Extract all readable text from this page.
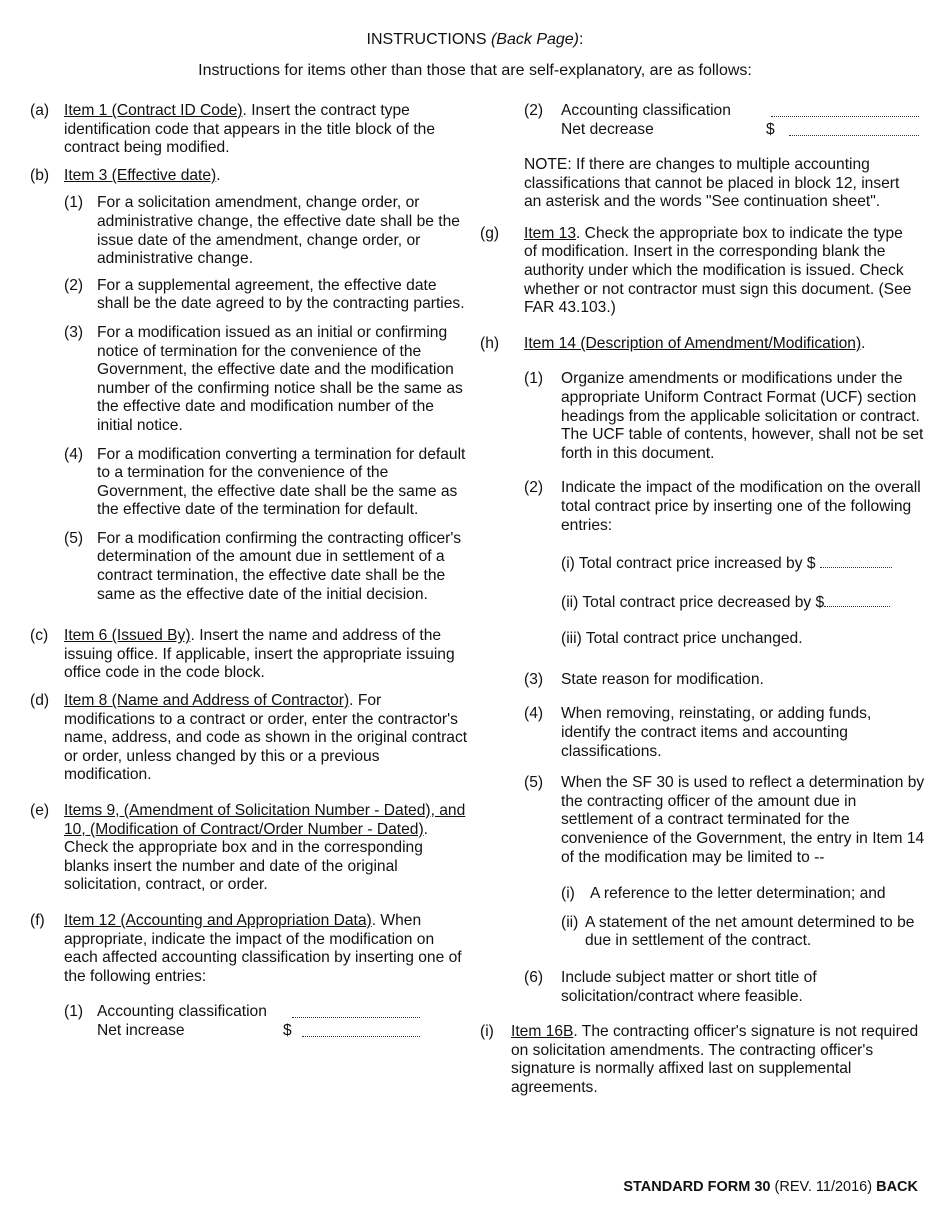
INSTRUCTIONS (Back Page):
Instructions for items other than those that are self-explanatory, are as follows:
(a) Item 1 (Contract ID Code). Insert the contract type identification code that appears in the title block of the contract being modified.
(b) Item 3 (Effective date).
(1) For a solicitation amendment, change order, or administrative change, the effective date shall be the issue date of the amendment, change order, or administrative change.
(2) For a supplemental agreement, the effective date shall be the date agreed to by the contracting parties.
(3) For a modification issued as an initial or confirming notice of termination for the convenience of the Government, the effective date and the modification number of the confirming notice shall be the same as the effective date and modification number of the initial notice.
(4) For a modification converting a termination for default to a termination for the convenience of the Government, the effective date shall be the same as the effective date of the termination for default.
(5) For a modification confirming the contracting officer's determination of the amount due in settlement of a contract termination, the effective date shall be the same as the effective date of the initial decision.
(c) Item 6 (Issued By). Insert the name and address of the issuing office. If applicable, insert the appropriate issuing office code in the code block.
(d) Item 8 (Name and Address of Contractor). For modifications to a contract or order, enter the contractor's name, address, and code as shown in the original contract or order, unless changed by this or a previous modification.
(e) Items 9, (Amendment of Solicitation Number - Dated), and 10, (Modification of Contract/Order Number - Dated). Check the appropriate box and in the corresponding blanks insert the number and date of the original solicitation, contract, or order.
(f) Item 12 (Accounting and Appropriation Data). When appropriate, indicate the impact of the modification on each affected accounting classification by inserting one of the following entries:
(1) Accounting classification
Net increase	$
(2) Accounting classification
Net decrease	$
NOTE: If there are changes to multiple accounting classifications that cannot be placed in block 12, insert an asterisk and the words "See continuation sheet".
(g) Item 13. Check the appropriate box to indicate the type of modification. Insert in the corresponding blank the authority under which the modification is issued. Check whether or not contractor must sign this document. (See FAR 43.103.)
(h) Item 14 (Description of Amendment/Modification).
(1) Organize amendments or modifications under the appropriate Uniform Contract Format (UCF) section headings from the applicable solicitation or contract. The UCF table of contents, however, shall not be set forth in this document.
(2) Indicate the impact of the modification on the overall total contract price by inserting one of the following entries:
(i) Total contract price increased by $
(ii) Total contract price decreased by $
(iii) Total contract price unchanged.
(3) State reason for modification.
(4) When removing, reinstating, or adding funds, identify the contract items and accounting classifications.
(5) When the SF 30 is used to reflect a determination by the contracting officer of the amount due in settlement of a contract terminated for the convenience of the Government, the entry in Item 14 of the modification may be limited to --
(i) A reference to the letter determination; and
(ii) A statement of the net amount determined to be due in settlement of the contract.
(6) Include subject matter or short title of solicitation/contract where feasible.
(i) Item 16B. The contracting officer's signature is not required on solicitation amendments. The contracting officer's signature is normally affixed last on supplemental agreements.
STANDARD FORM 30 (REV. 11/2016) BACK
